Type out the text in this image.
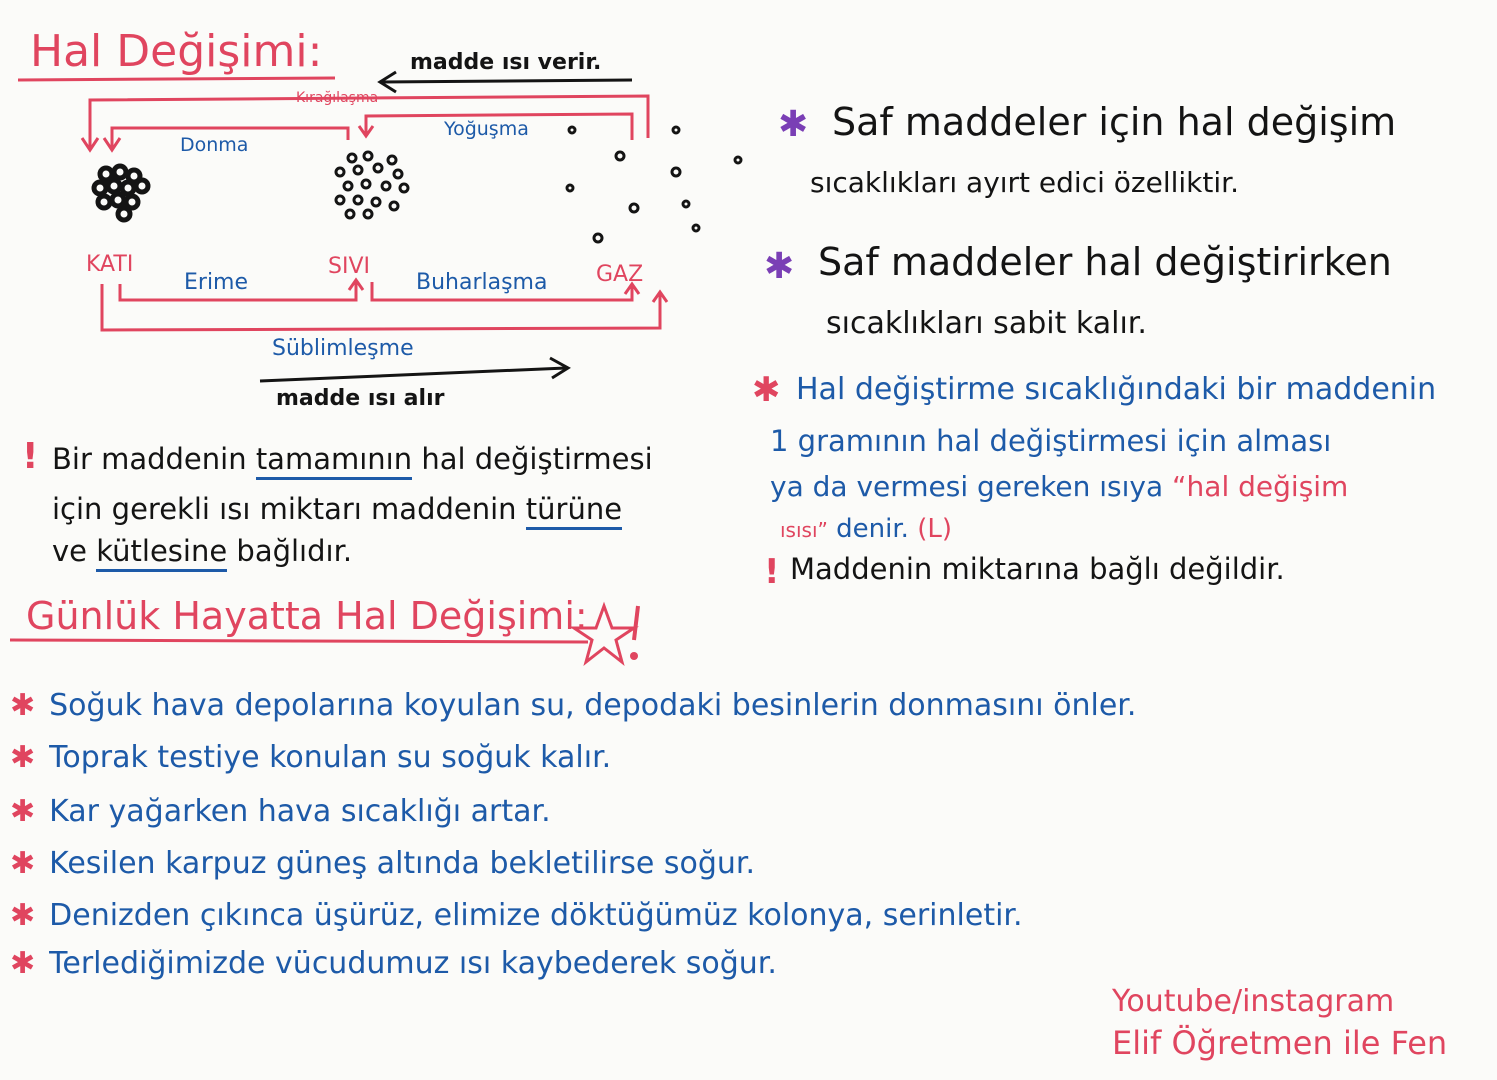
Hal Değişimi:	madde ısı verir.
Kırağılaşma
Donma
Yoğuşma
KATI	SIVI	GAZ
Erime	Buharlaşma
Süblimleşme
madde ısı alır
! Bir maddenin tamamının hal değiştirmesi
için gerekli ısı miktarı maddenin türüne
ve kütlesine bağlıdır.
✱ Saf maddeler için hal değişim
sıcaklıkları ayırt edici özelliktir.
✱ Saf maddeler hal değiştirirken
sıcaklıkları sabit kalır.
✱ Hal değiştirme sıcaklığındaki bir maddenin
1 gramının hal değiştirmesi için alması
ya da vermesi gereken ısıya “hal değişim
ısısı” denir. (L)
! Maddenin miktarına bağlı değildir.
Günlük Hayatta Hal Değişimi:
✱ Soğuk hava depolarına koyulan su, depodaki besinlerin donmasını önler.
✱ Toprak testiye konulan su soğuk kalır.
✱ Kar yağarken hava sıcaklığı artar.
✱ Kesilen karpuz güneş altında bekletilirse soğur.
✱ Denizden çıkınca üşürüz, elimize döktüğümüz kolonya, serinletir.
✱ Terlediğimizde vücudumuz ısı kaybederek soğur.
Youtube/instagram
Elif Öğretmen ile Fen
